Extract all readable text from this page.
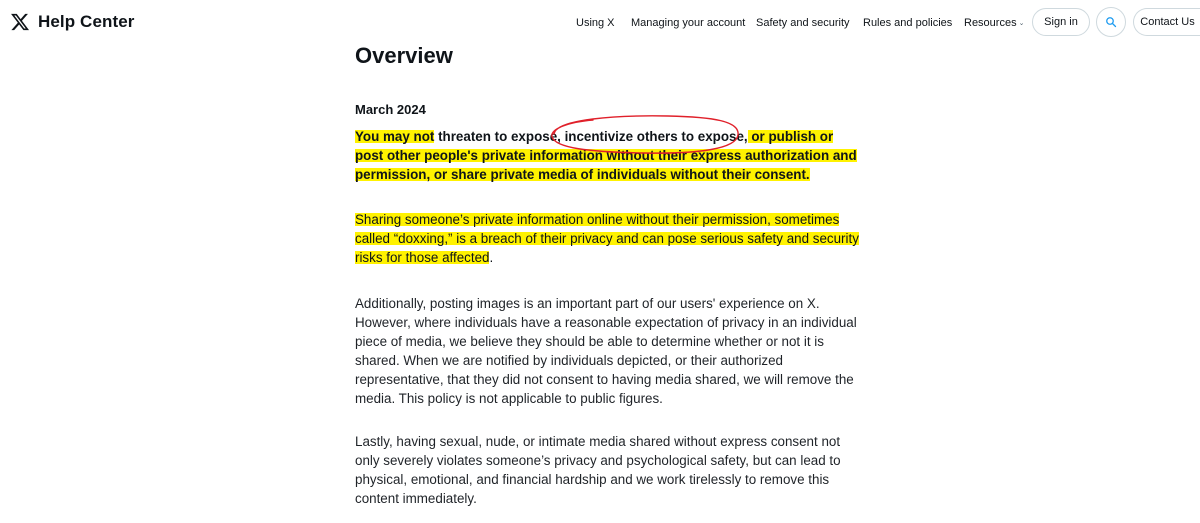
Help Center	Using X Managing your account Safety and security Rules and policies Resources ⌄	Sign in	Contact Us
Overview
March 2024

You may not threaten to expose, incentivize others to expose, or publish or post other people's private information without their express authorization and permission, or share private media of individuals without their consent.

Sharing someone’s private information online without their permission, sometimes called “doxxing,” is a breach of their privacy and can pose serious safety and security risks for those affected.

Additionally, posting images is an important part of our users' experience on X. However, where individuals have a reasonable expectation of privacy in an individual piece of media, we believe they should be able to determine whether or not it is shared. When we are notified by individuals depicted, or their authorized representative, that they did not consent to having media shared, we will remove the media. This policy is not applicable to public figures.

Lastly, having sexual, nude, or intimate media shared without express consent not only severely violates someone’s privacy and psychological safety, but can lead to physical, emotional, and financial hardship and we work tirelessly to remove this content immediately.
